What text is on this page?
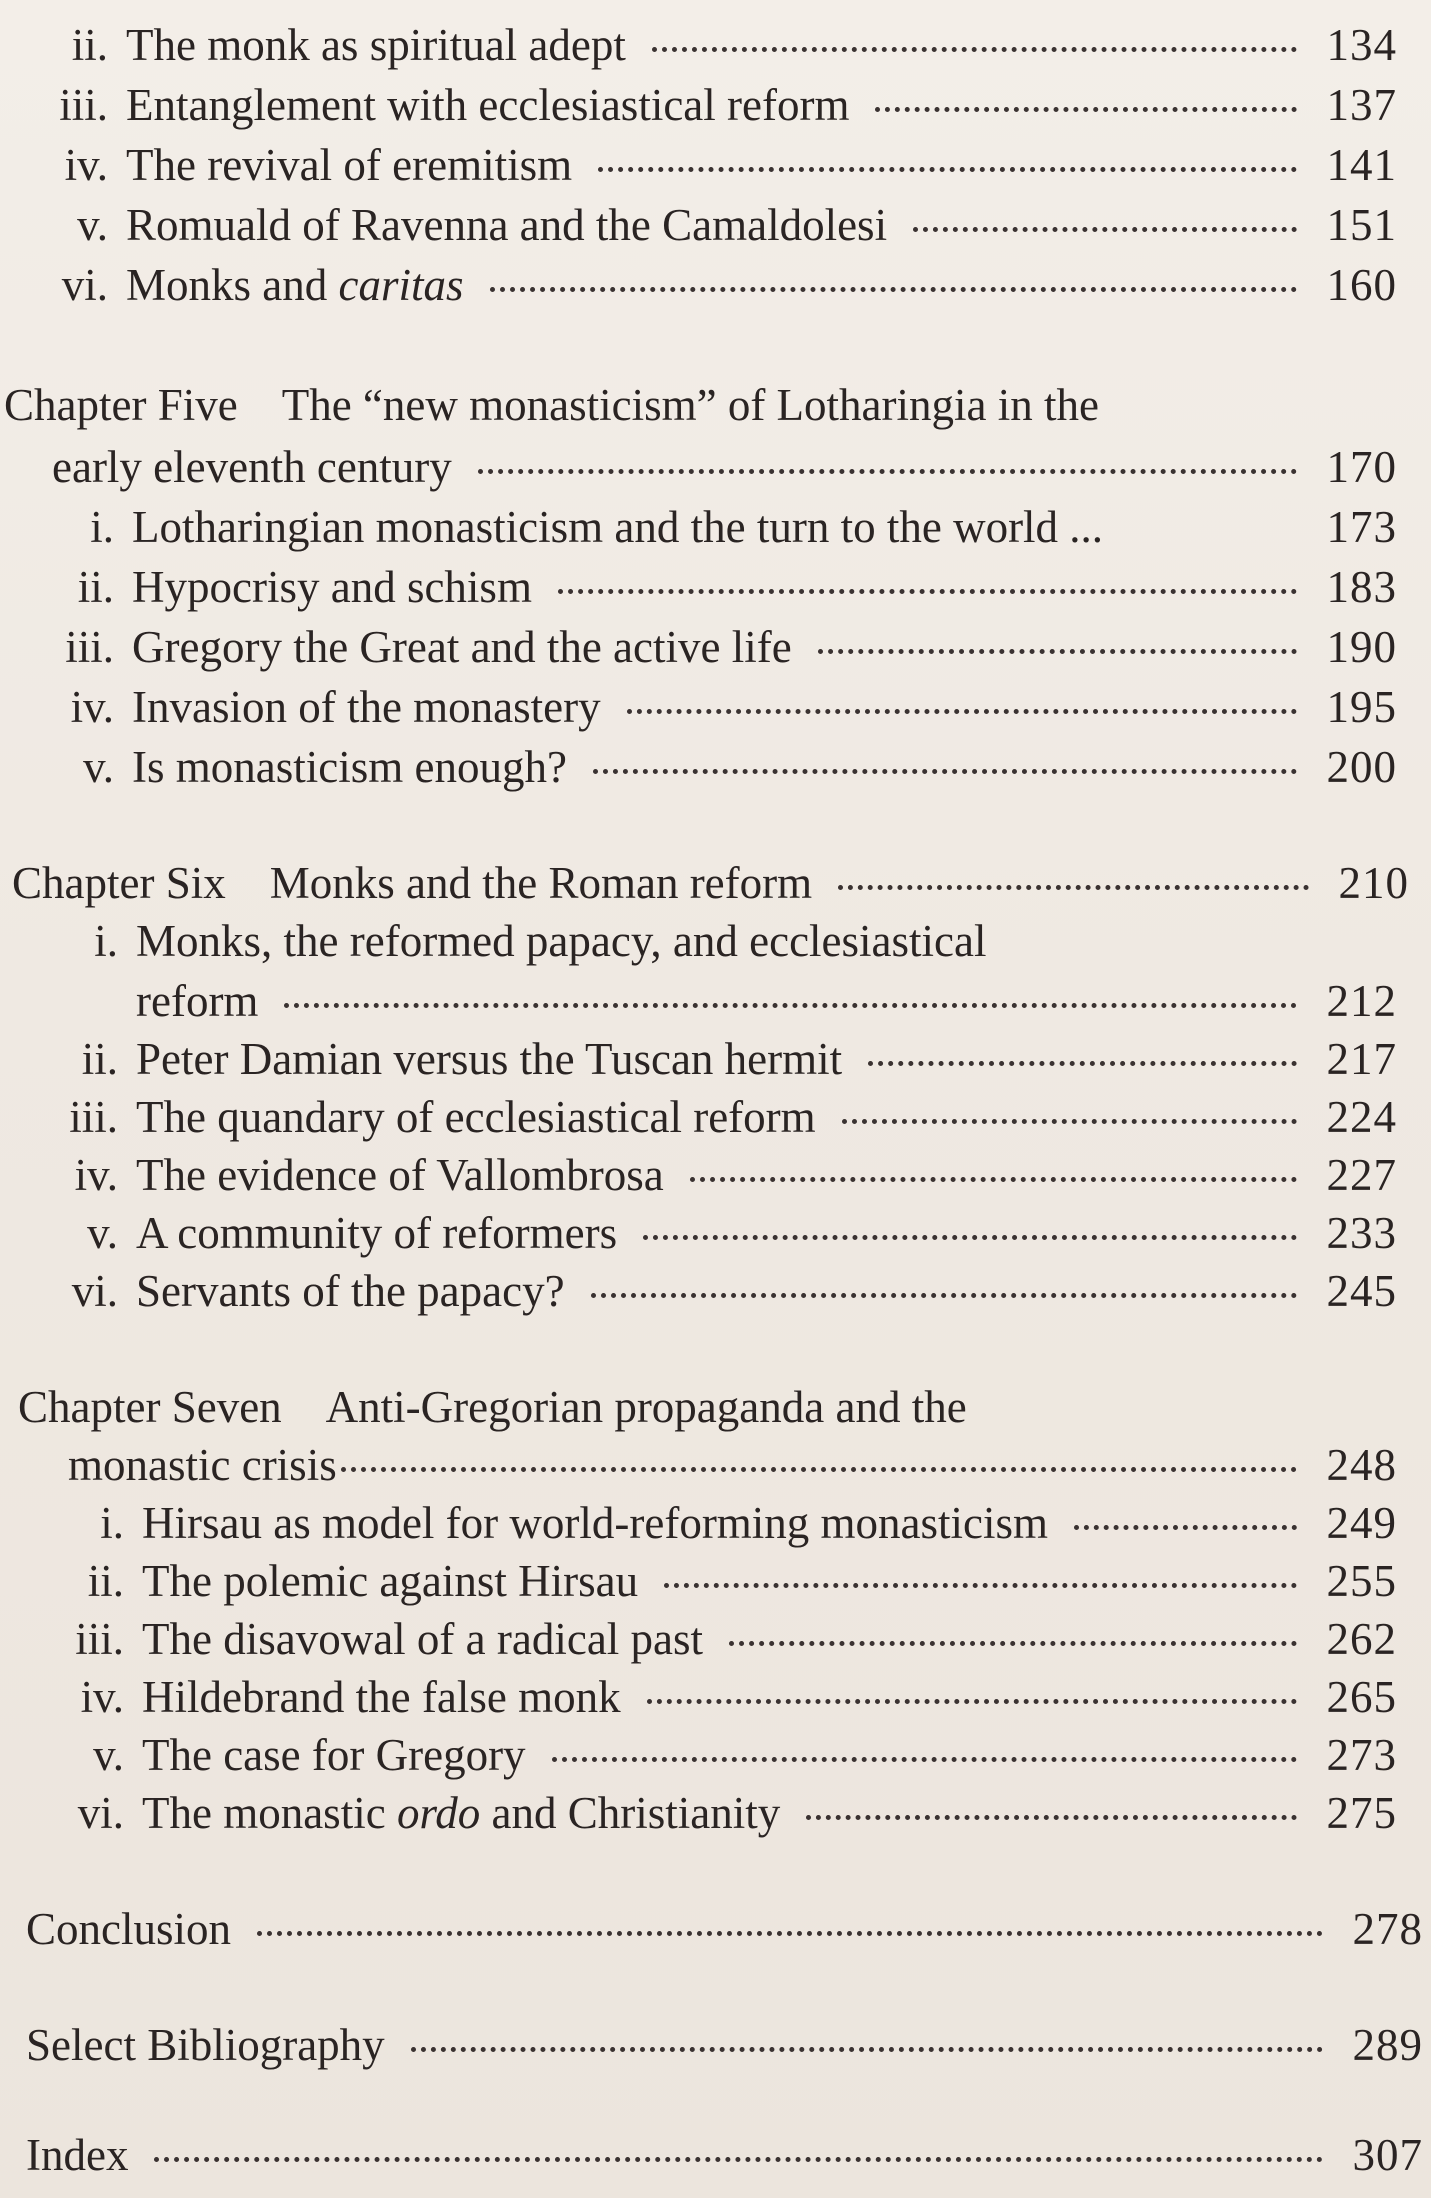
ii. The monk as spiritual adept	134
iii. Entanglement with ecclesiastical reform	137
iv. The revival of eremitism	141
v. Romuald of Ravenna and the Camaldolesi	151
vi. Monks and caritas	160
Chapter Five The “new monasticism” of Lotharingia in the
early eleventh century	170
i. Lotharingian monasticism and the turn to the world ...	173
ii. Hypocrisy and schism	183
iii. Gregory the Great and the active life	190
iv. Invasion of the monastery	195
v. Is monasticism enough?	200
Chapter Six Monks and the Roman reform	210
i. Monks, the reformed papacy, and ecclesiastical
reform	212
ii. Peter Damian versus the Tuscan hermit	217
iii. The quandary of ecclesiastical reform	224
iv. The evidence of Vallombrosa	227
v. A community of reformers	233
vi. Servants of the papacy?	245
Chapter Seven Anti-Gregorian propaganda and the
monastic crisis	248
i. Hirsau as model for world-reforming monasticism	249
ii. The polemic against Hirsau	255
iii. The disavowal of a radical past	262
iv. Hildebrand the false monk	265
v. The case for Gregory	273
vi. The monastic ordo and Christianity	275
Conclusion	278
Select Bibliography	289
Index	307
